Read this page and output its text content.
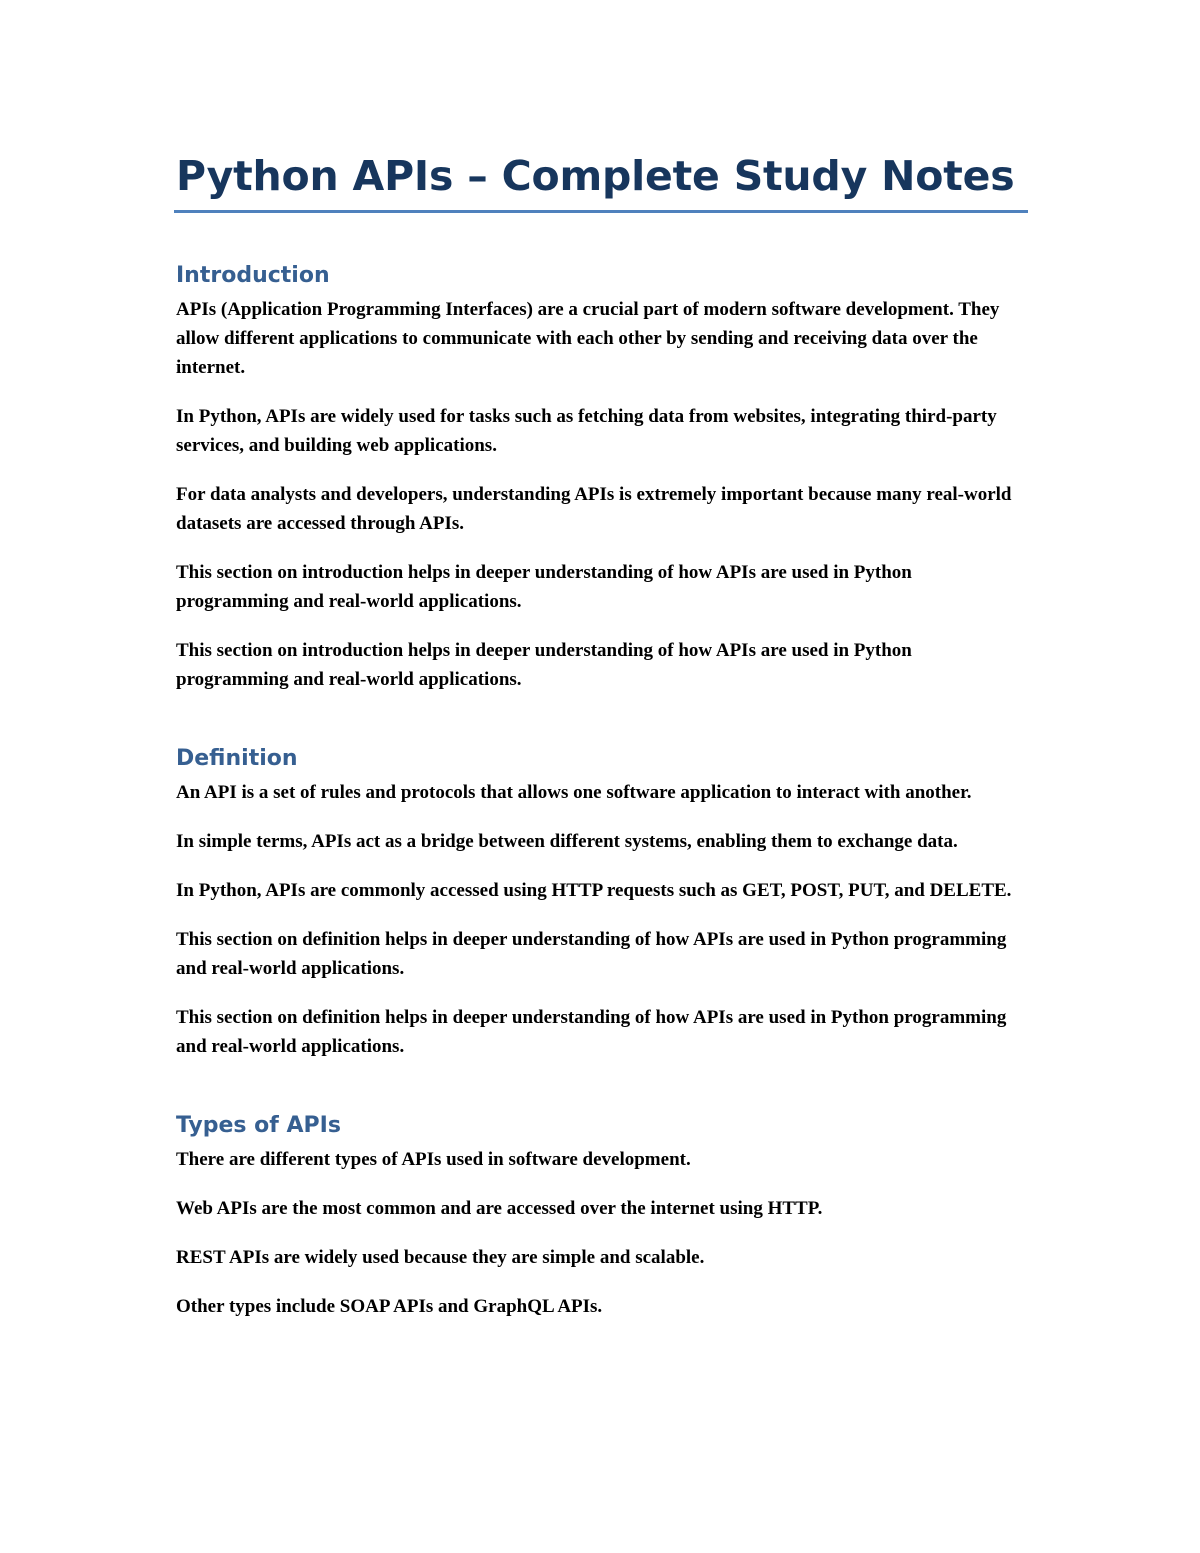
Python APIs – Complete Study Notes
Introduction

APIs (Application Programming Interfaces) are a crucial part of modern software development. They allow different applications to communicate with each other by sending and receiving data over the internet.

In Python, APIs are widely used for tasks such as fetching data from websites, integrating third-party services, and building web applications.

For data analysts and developers, understanding APIs is extremely important because many real-world datasets are accessed through APIs.

This section on introduction helps in deeper understanding of how APIs are used in Python programming and real-world applications.

This section on introduction helps in deeper understanding of how APIs are used in Python programming and real-world applications.

Definition

An API is a set of rules and protocols that allows one software application to interact with another.

In simple terms, APIs act as a bridge between different systems, enabling them to exchange data.

In Python, APIs are commonly accessed using HTTP requests such as GET, POST, PUT, and DELETE.

This section on definition helps in deeper understanding of how APIs are used in Python programming and real-world applications.

This section on definition helps in deeper understanding of how APIs are used in Python programming and real-world applications.

Types of APIs

There are different types of APIs used in software development.

Web APIs are the most common and are accessed over the internet using HTTP.

REST APIs are widely used because they are simple and scalable.

Other types include SOAP APIs and GraphQL APIs.
